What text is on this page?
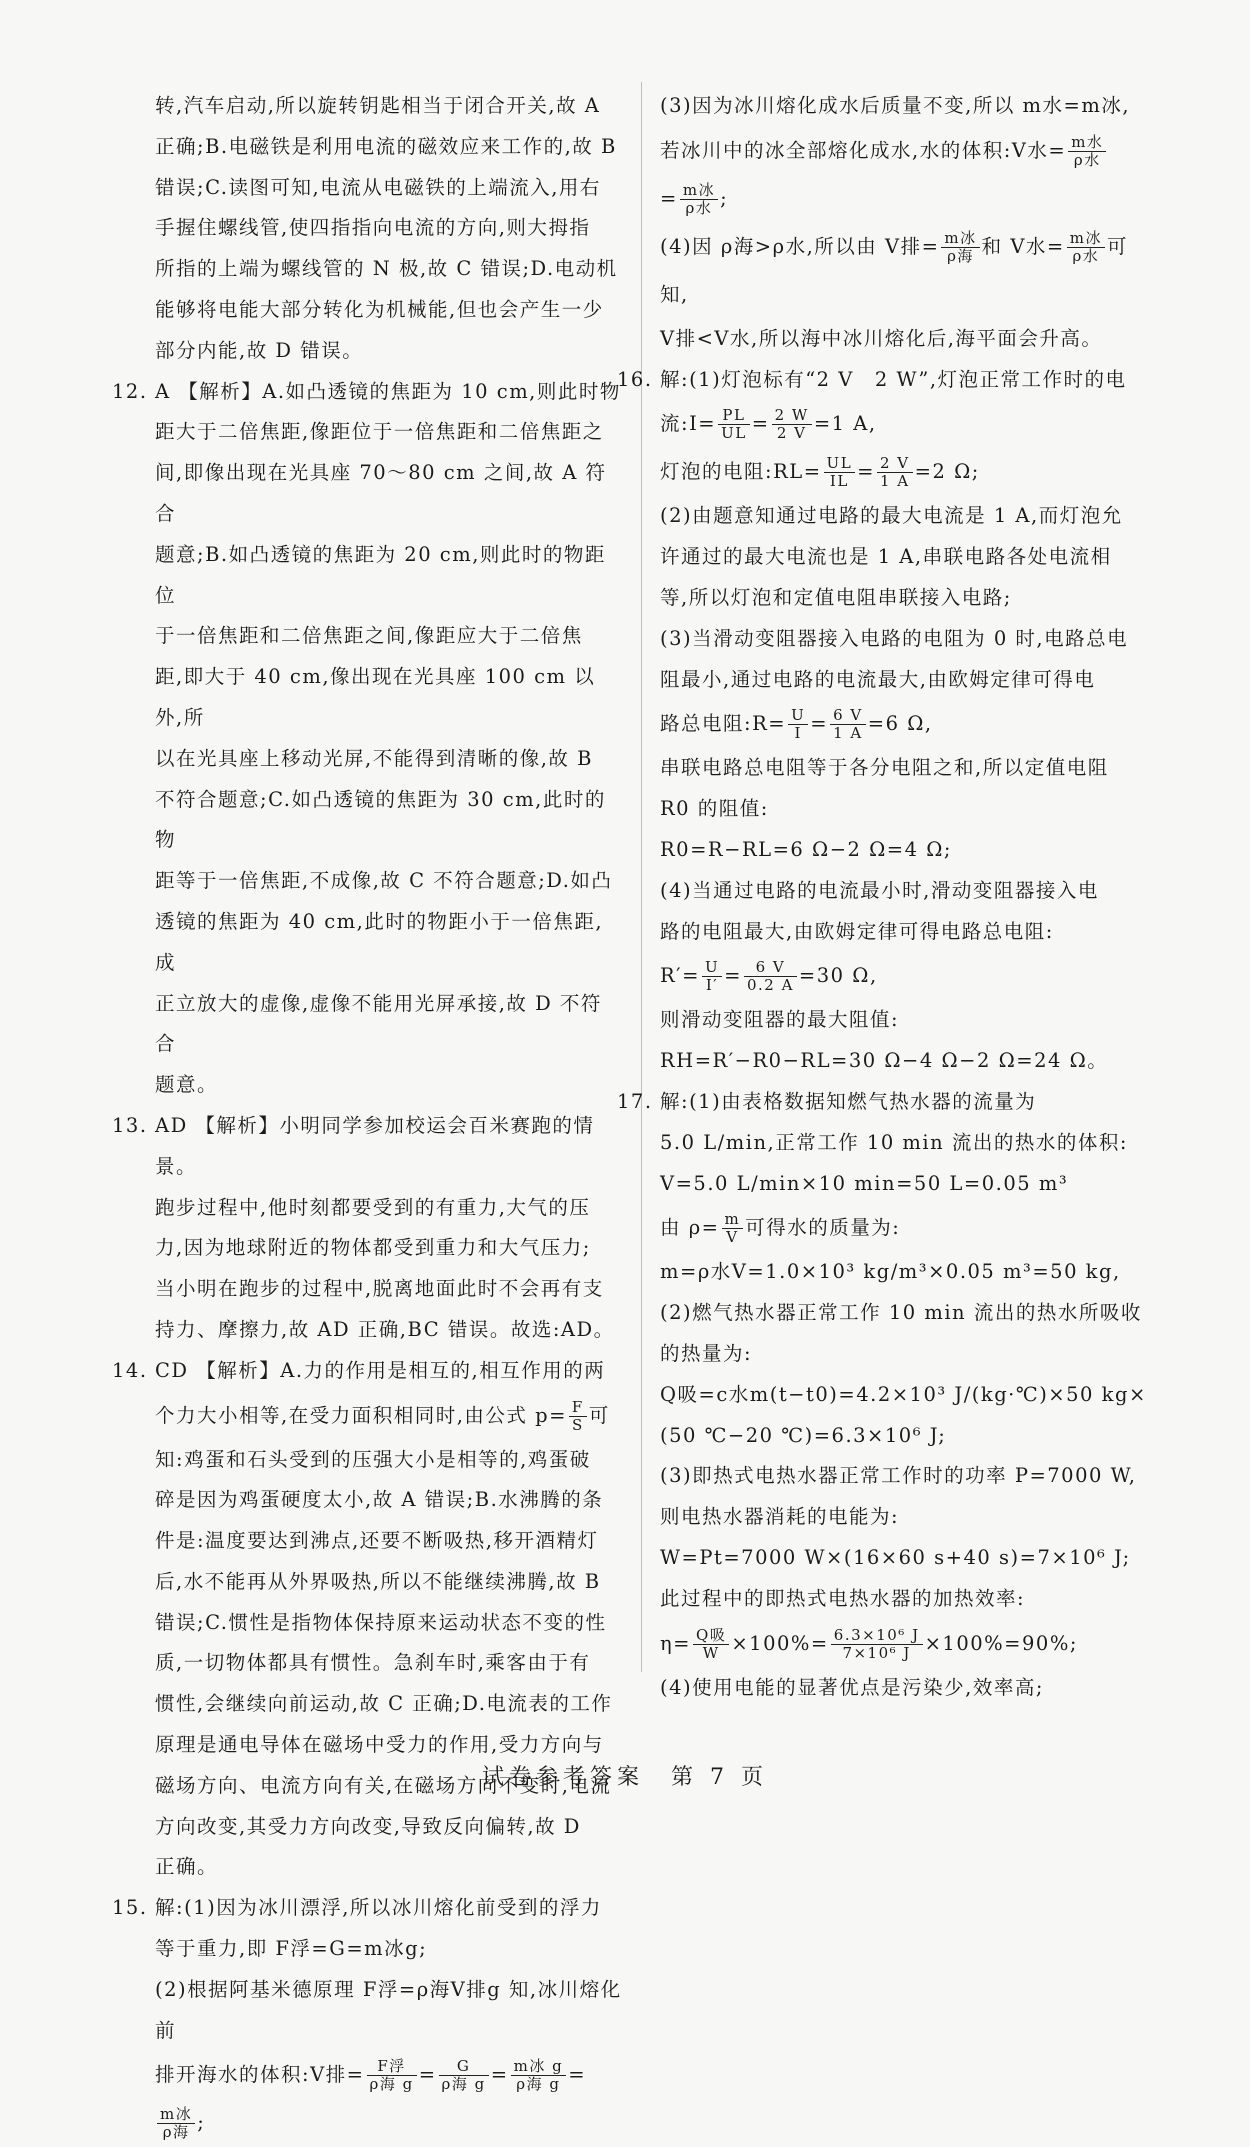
转,汽车启动,所以旋转钥匙相当于闭合开关,故 A
正确;B.电磁铁是利用电流的磁效应来工作的,故 B
错误;C.读图可知,电流从电磁铁的上端流入,用右
手握住螺线管,使四指指向电流的方向,则大拇指
所指的上端为螺线管的 N 极,故 C 错误;D.电动机
能够将电能大部分转化为机械能,但也会产生一少
部分内能,故 D 错误。
12. A 【解析】A.如凸透镜的焦距为 10 cm,则此时物
距大于二倍焦距,像距位于一倍焦距和二倍焦距之
间,即像出现在光具座 70～80 cm 之间,故 A 符合
题意;B.如凸透镜的焦距为 20 cm,则此时的物距位
于一倍焦距和二倍焦距之间,像距应大于二倍焦
距,即大于 40 cm,像出现在光具座 100 cm 以外,所
以在光具座上移动光屏,不能得到清晰的像,故 B
不符合题意;C.如凸透镜的焦距为 30 cm,此时的物
距等于一倍焦距,不成像,故 C 不符合题意;D.如凸
透镜的焦距为 40 cm,此时的物距小于一倍焦距,成
正立放大的虚像,虚像不能用光屏承接,故 D 不符合
题意。
13. AD 【解析】小明同学参加校运会百米赛跑的情景。
跑步过程中,他时刻都要受到的有重力,大气的压
力,因为地球附近的物体都受到重力和大气压力;
当小明在跑步的过程中,脱离地面此时不会再有支
持力、摩擦力,故 AD 正确,BC 错误。故选:AD。
14. CD 【解析】A.力的作用是相互的,相互作用的两
个力大小相等,在受力面积相同时,由公式 $p= \frac{F}{S}$ 可
知:鸡蛋和石头受到的压强大小是相等的,鸡蛋破
碎是因为鸡蛋硬度太小,故 A 错误;B.水沸腾的条
件是:温度要达到沸点,还要不断吸热,移开酒精灯
后,水不能再从外界吸热,所以不能继续沸腾,故 B
错误;C.惯性是指物体保持原来运动状态不变的性
质,一切物体都具有惯性。急刹车时,乘客由于有
惯性,会继续向前运动,故 C 正确;D.电流表的工作
原理是通电导体在磁场中受力的作用,受力方向与
磁场方向、电流方向有关,在磁场方向不变时,电流
方向改变,其受力方向改变,导致反向偏转,故 D
正确。
15. 解:(1)因为冰川漂浮,所以冰川熔化前受到的浮力
等于重力,即 F浮=G=m冰g;
(2)根据阿基米德原理 F浮=ρ海V排g 知,冰川熔化前
排开海水的体积:V排= $\frac{\text{F浮}}{\text{ρ海 g}} = \frac{G}{\text{ρ海 g}} = \frac{\text{m冰 g}}{\text{ρ海 g}}$ =
$\frac{\text{m冰}}{\text{ρ海}}$ ;
(3)因为冰川熔化成水后质量不变,所以 m水=m冰,
若冰川中的冰全部熔化成水,水的体积:V水= $\frac{\text{m水}}{\text{ρ水}}$
= $\frac{\text{m冰}}{\text{ρ水}}$ ;
(4)因 ρ海>ρ水,所以由 V排= $\frac{\text{m冰}}{\text{ρ海}}$ 和 V水= $\frac{\text{m冰}}{\text{ρ水}}$ 可知,
V排<V水,所以海中冰川熔化后,海平面会升高。
16. 解:(1)灯泡标有“2 V　2 W”,灯泡正常工作时的电
流:I= $\frac{PL}{UL} = \frac{2 W}{2 V} =1$ A,
灯泡的电阻:RL= $\frac{UL}{IL} = \frac{2 V}{1 A} =2$ Ω;
(2)由题意知通过电路的最大电流是 1 A,而灯泡允
许通过的最大电流也是 1 A,串联电路各处电流相
等,所以灯泡和定值电阻串联接入电路;
(3)当滑动变阻器接入电路的电阻为 0 时,电路总电
阻最小,通过电路的电流最大,由欧姆定律可得电
路总电阻:R= $\frac{U}{I} = \frac{6 V}{1 A} =6$ Ω,
串联电路总电阻等于各分电阻之和,所以定值电阻
R0 的阻值:
R0=R−RL=6 Ω−2 Ω=4 Ω;
(4)当通过电路的电流最小时,滑动变阻器接入电
路的电阻最大,由欧姆定律可得电路总电阻:
$R'= \frac{U}{I'} = \frac{6 V}{0.2 A} =30$ Ω,
则滑动变阻器的最大阻值:
RH=R′−R0−RL=30 Ω−4 Ω−2 Ω=24 Ω。
17. 解:(1)由表格数据知燃气热水器的流量为
5.0 L/min,正常工作 10 min 流出的热水的体积:
V=5.0 L/min×10 min=50 L=0.05 m³
由 $\rho= \frac{m}{V}$ 可得水的质量为:
m=ρ水V=1.0×10³ kg/m³×0.05 m³=50 kg,
(2)燃气热水器正常工作 10 min 流出的热水所吸收
的热量为:
Q吸=c水m(t−t0)=4.2×10³ J/(kg·℃)×50 kg×
(50 ℃−20 ℃)=6.3×10⁶ J;
(3)即热式电热水器正常工作时的功率 P=7000 W,
则电热水器消耗的电能为:
W=Pt=7000 W×(16×60 s+40 s)=7×10⁶ J;
此过程中的即热式电热水器的加热效率:
$\eta= \frac{\text{Q吸}}{W} \times 100\%= \frac{\text{6.3×10⁶ J}}{\text{7×10⁶ J}} \times 100\%=90\%$;
(4)使用电能的显著优点是污染少,效率高;
试卷参考答案　第 7 页
